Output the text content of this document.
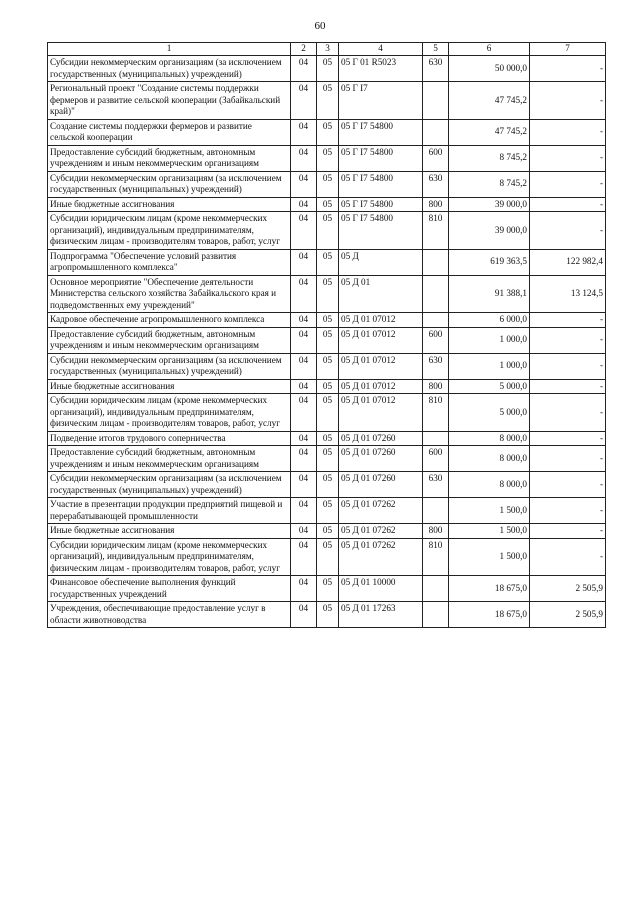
60
1	2	3	4	5	6	7
Субсидии некоммерческим организациям (за исключением государственных (муниципальных) учреждений)	04	05	05 Г 01 R5023	630	50 000,0	-
Региональный проект "Создание системы поддержки фермеров и развитие сельской кооперации (Забайкальский край)"	04	05	05 Г I7		47 745,2	-
Создание системы поддержки фермеров и развитие сельской кооперации	04	05	05 Г I7 54800		47 745,2	-
Предоставление субсидий бюджетным, автономным учреждениям и иным некоммерческим организациям	04	05	05 Г I7 54800	600	8 745,2	-
Субсидии некоммерческим организациям (за исключением государственных (муниципальных) учреждений)	04	05	05 Г I7 54800	630	8 745,2	-
Иные бюджетные ассигнования	04	05	05 Г I7 54800	800	39 000,0	-
Субсидии юридическим лицам (кроме некоммерческих организаций), индивидуальным предпринимателям, физическим лицам - производителям товаров, работ, услуг	04	05	05 Г I7 54800	810	39 000,0	-
Подпрограмма "Обеспечение условий развития агропромышленного комплекса"	04	05	05 Д		619 363,5	122 982,4
Основное мероприятие "Обеспечение деятельности Министерства сельского хозяйства Забайкальского края и подведомственных ему учреждений"	04	05	05 Д 01		91 388,1	13 124,5
Кадровое обеспечение агропромышленного комплекса	04	05	05 Д 01 07012		6 000,0	-
Предоставление субсидий бюджетным, автономным учреждениям и иным некоммерческим организациям	04	05	05 Д 01 07012	600	1 000,0	-
Субсидии некоммерческим организациям (за исключением государственных (муниципальных) учреждений)	04	05	05 Д 01 07012	630	1 000,0	-
Иные бюджетные ассигнования	04	05	05 Д 01 07012	800	5 000,0	-
Субсидии юридическим лицам (кроме некоммерческих организаций), индивидуальным предпринимателям, физическим лицам - производителям товаров, работ, услуг	04	05	05 Д 01 07012	810	5 000,0	-
Подведение итогов трудового соперничества	04	05	05 Д 01 07260		8 000,0	-
Предоставление субсидий бюджетным, автономным учреждениям и иным некоммерческим организациям	04	05	05 Д 01 07260	600	8 000,0	-
Субсидии некоммерческим организациям (за исключением государственных (муниципальных) учреждений)	04	05	05 Д 01 07260	630	8 000,0	-
Участие в презентации продукции предприятий пищевой и перерабатывающей промышленности	04	05	05 Д 01 07262		1 500,0	-
Иные бюджетные ассигнования	04	05	05 Д 01 07262	800	1 500,0	-
Субсидии юридическим лицам (кроме некоммерческих организаций), индивидуальным предпринимателям, физическим лицам - производителям товаров, работ, услуг	04	05	05 Д 01 07262	810	1 500,0	-
Финансовое обеспечение выполнения функций государственных учреждений	04	05	05 Д 01 10000		18 675,0	2 505,9
Учреждения, обеспечивающие предоставление услуг в области животноводства	04	05	05 Д 01 17263		18 675,0	2 505,9
